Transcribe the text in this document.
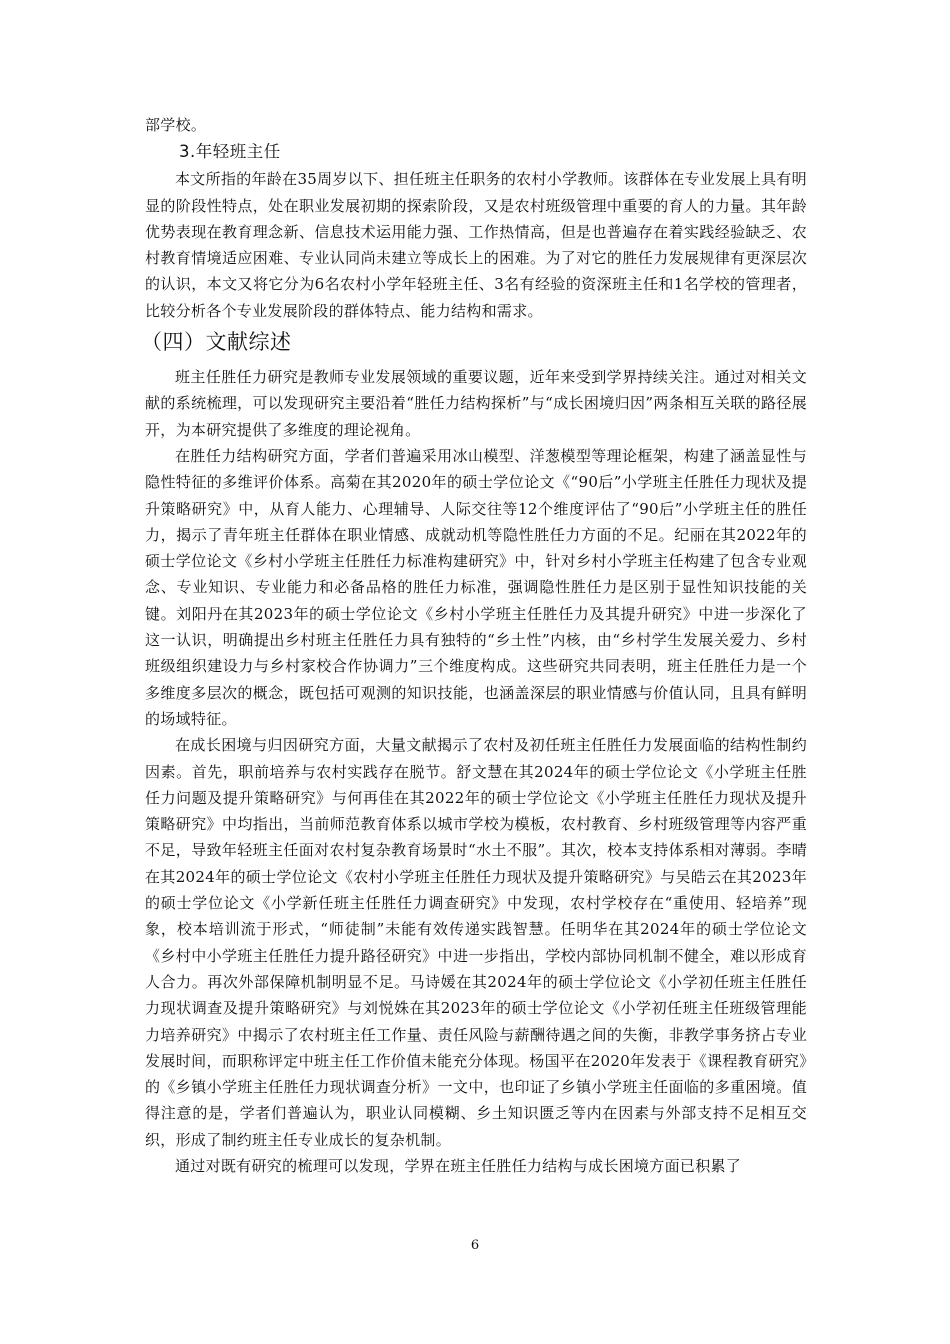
部学校。

3.年轻班主任

本文所指的年龄在35周岁以下、担任班主任职务的农村小学教师。该群体在专业发展上具有明显的阶段性特点，处在职业发展初期的探索阶段，又是农村班级管理中重要的育人的力量。其年龄优势表现在教育理念新、信息技术运用能力强、工作热情高，但是也普遍存在着实践经验缺乏、农村教育情境适应困难、专业认同尚未建立等成长上的困难。为了对它的胜任力发展规律有更深层次的认识，本文又将它分为6名农村小学年轻班主任、3名有经验的资深班主任和1名学校的管理者，比较分析各个专业发展阶段的群体特点、能力结构和需求。

（四）文献综述

班主任胜任力研究是教师专业发展领域的重要议题，近年来受到学界持续关注。通过对相关文献的系统梳理，可以发现研究主要沿着“胜任力结构探析”与“成长困境归因”两条相互关联的路径展开，为本研究提供了多维度的理论视角。

在胜任力结构研究方面，学者们普遍采用冰山模型、洋葱模型等理论框架，构建了涵盖显性与隐性特征的多维评价体系。高菊在其2020年的硕士学位论文《“90后”小学班主任胜任力现状及提升策略研究》中，从育人能力、心理辅导、人际交往等12个维度评估了“90后”小学班主任的胜任力，揭示了青年班主任群体在职业情感、成就动机等隐性胜任力方面的不足。纪丽在其2022年的硕士学位论文《乡村小学班主任胜任力标准构建研究》中，针对乡村小学班主任构建了包含专业观念、专业知识、专业能力和必备品格的胜任力标准，强调隐性胜任力是区别于显性知识技能的关键。刘阳丹在其2023年的硕士学位论文《乡村小学班主任胜任力及其提升研究》中进一步深化了这一认识，明确提出乡村班主任胜任力具有独特的“乡土性”内核，由“乡村学生发展关爱力、乡村班级组织建设力与乡村家校合作协调力”三个维度构成。这些研究共同表明，班主任胜任力是一个多维度多层次的概念，既包括可观测的知识技能，也涵盖深层的职业情感与价值认同，且具有鲜明的场域特征。

在成长困境与归因研究方面，大量文献揭示了农村及初任班主任胜任力发展面临的结构性制约因素。首先，职前培养与农村实践存在脱节。舒文慧在其2024年的硕士学位论文《小学班主任胜任力问题及提升策略研究》与何再佳在其2022年的硕士学位论文《小学班主任胜任力现状及提升策略研究》中均指出，当前师范教育体系以城市学校为模板，农村教育、乡村班级管理等内容严重不足，导致年轻班主任面对农村复杂教育场景时“水土不服”。其次，校本支持体系相对薄弱。李晴在其2024年的硕士学位论文《农村小学班主任胜任力现状及提升策略研究》与吴皓云在其2023年的硕士学位论文《小学新任班主任胜任力调查研究》中发现，农村学校存在“重使用、轻培养”现象，校本培训流于形式，“师徒制”未能有效传递实践智慧。任明华在其2024年的硕士学位论文《乡村中小学班主任胜任力提升路径研究》中进一步指出，学校内部协同机制不健全，难以形成育人合力。再次外部保障机制明显不足。马诗媛在其2024年的硕士学位论文《小学初任班主任胜任力现状调查及提升策略研究》与刘悦姝在其2023年的硕士学位论文《小学初任班主任班级管理能力培养研究》中揭示了农村班主任工作量、责任风险与薪酬待遇之间的失衡，非教学事务挤占专业发展时间，而职称评定中班主任工作价值未能充分体现。杨国平在2020年发表于《课程教育研究》的《乡镇小学班主任胜任力现状调查分析》一文中，也印证了乡镇小学班主任面临的多重困境。值得注意的是，学者们普遍认为，职业认同模糊、乡土知识匮乏等内在因素与外部支持不足相互交织，形成了制约班主任专业成长的复杂机制。

通过对既有研究的梳理可以发现，学界在班主任胜任力结构与成长困境方面已积累了

6
